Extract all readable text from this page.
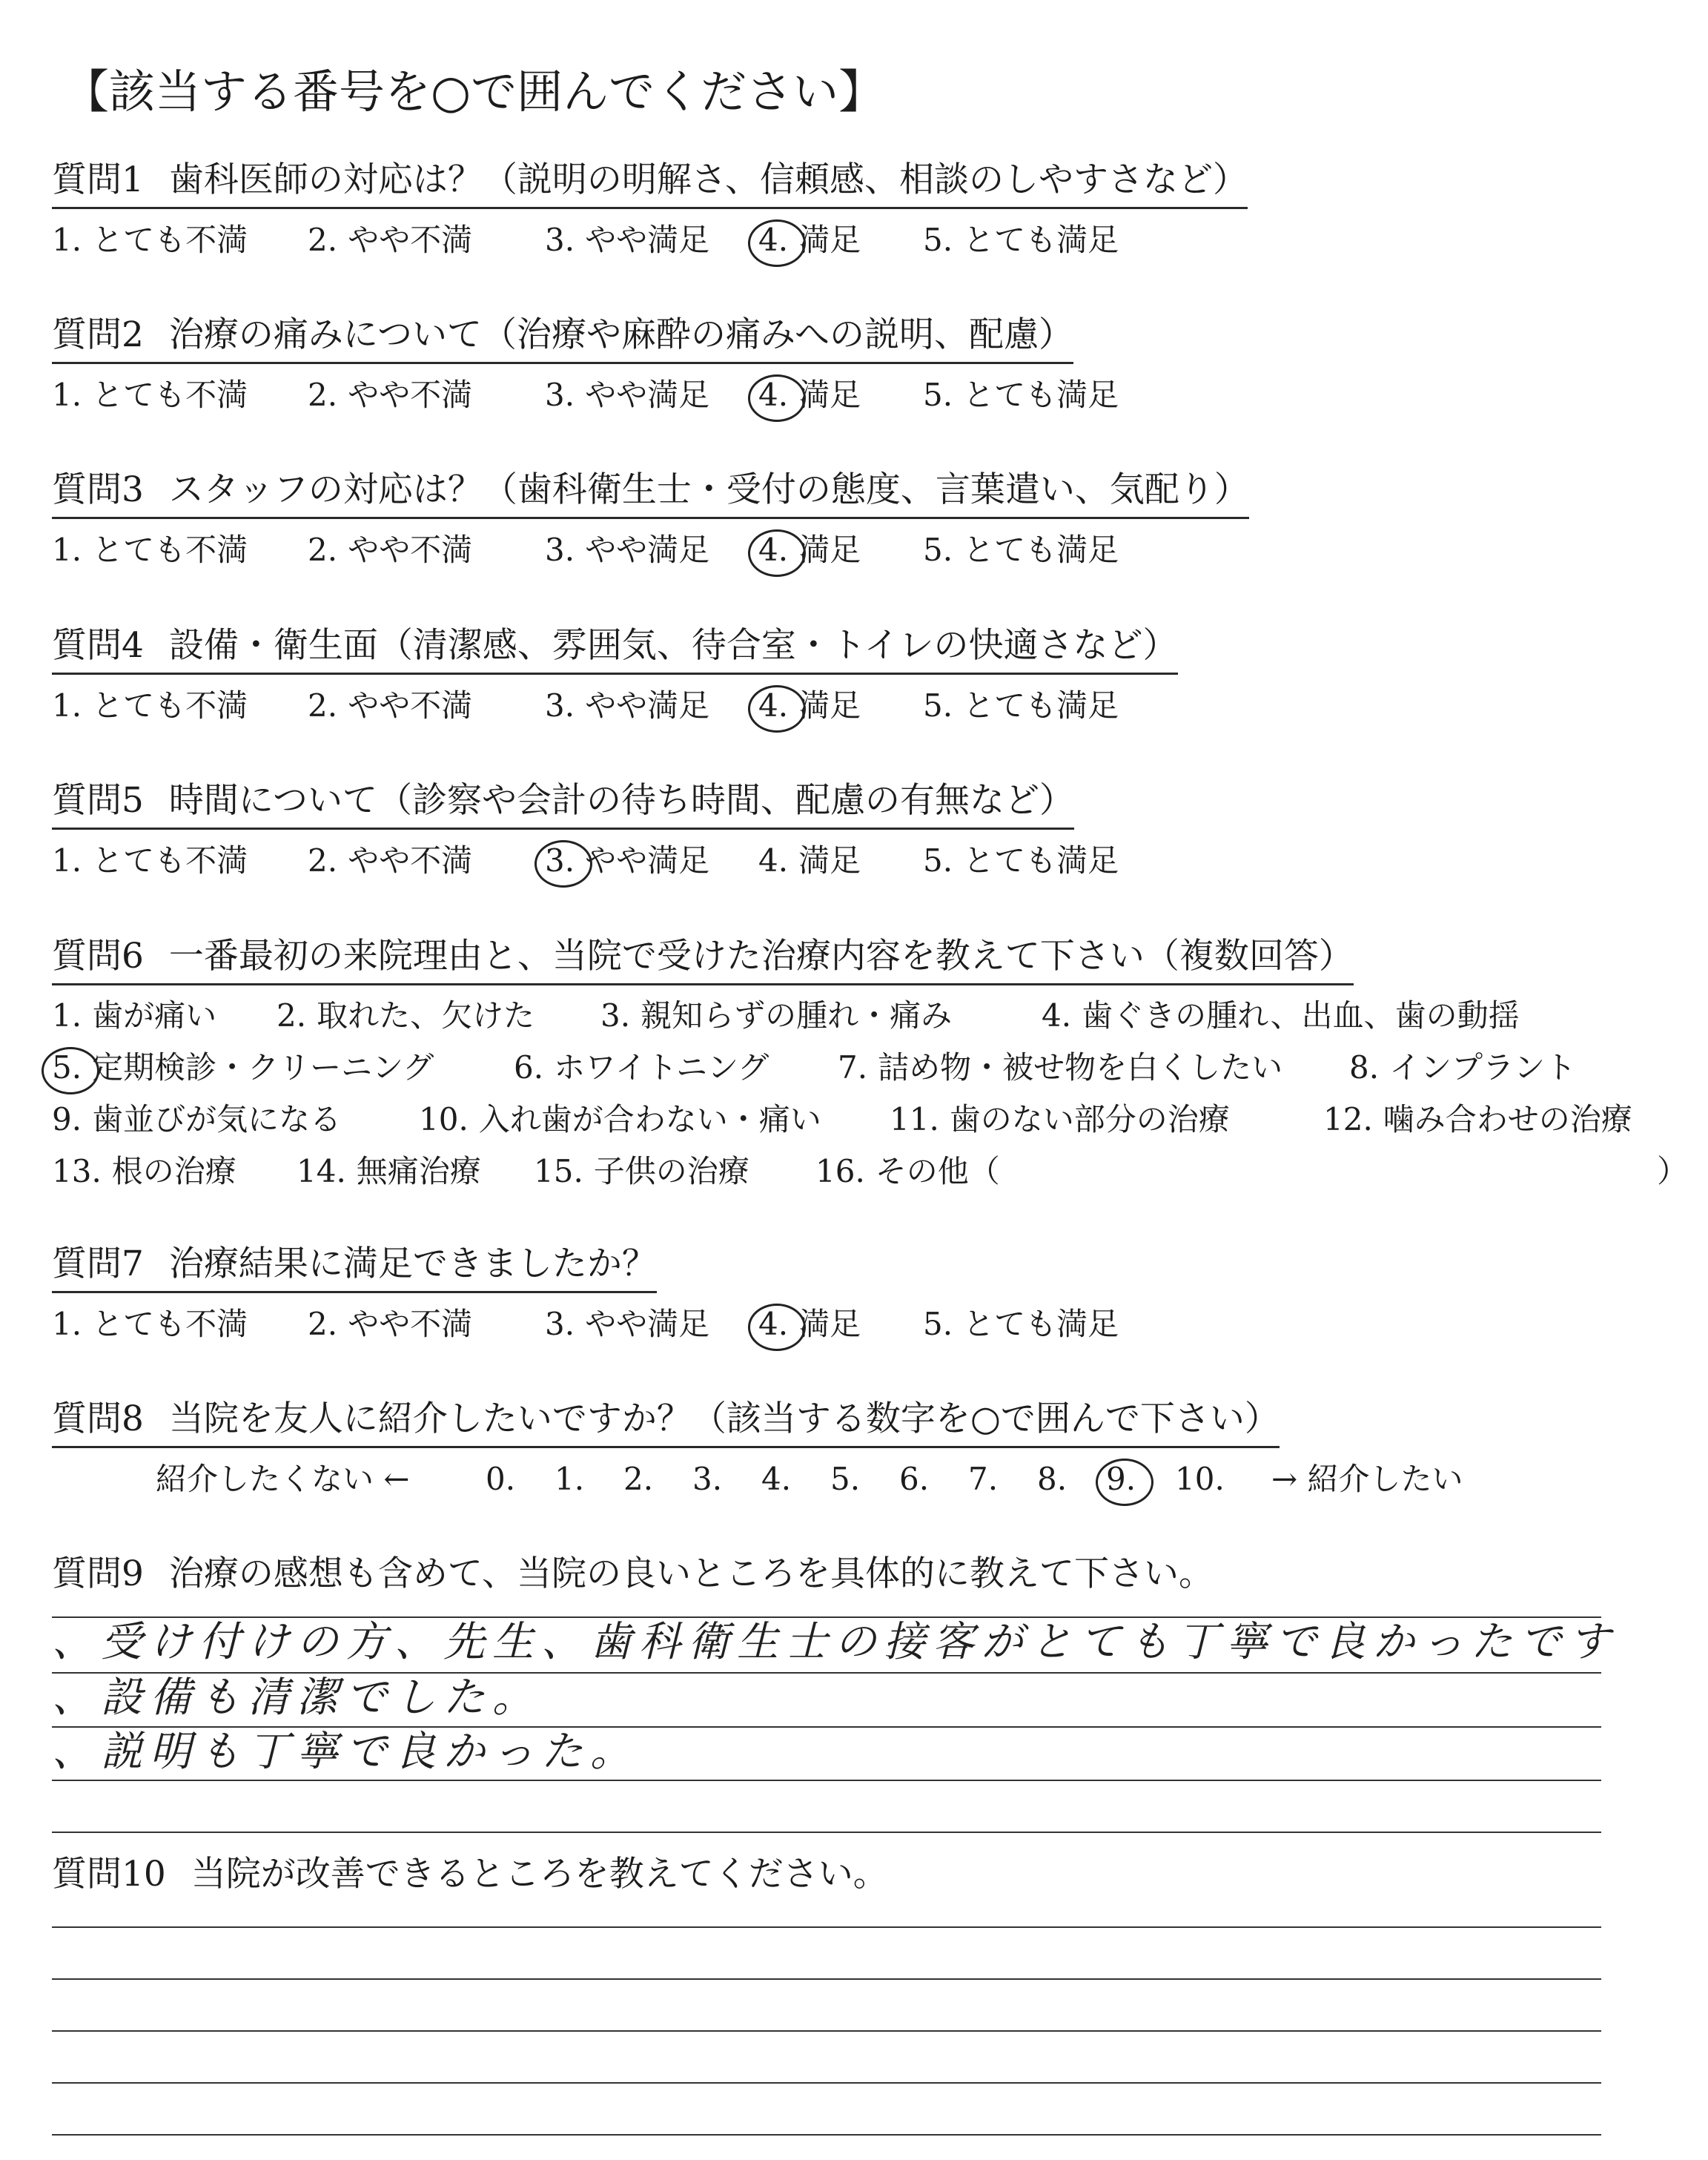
【該当する番号を○で囲んでください】
質問1 歯科医師の対応は？（説明の明解さ、信頼感、相談のしやすさなど）
1. とても不満 2. やや不満 3. やや満足 4. 満足 5. とても満足
質問2 治療の痛みについて（治療や麻酔の痛みへの説明、配慮）
1. とても不満 2. やや不満 3. やや満足 4. 満足 5. とても満足
質問3 スタッフの対応は？（歯科衛生士・受付の態度、言葉遣い、気配り）
1. とても不満 2. やや不満 3. やや満足 4. 満足 5. とても満足
質問4 設備・衛生面（清潔感、雰囲気、待合室・トイレの快適さなど）
1. とても不満 2. やや不満 3. やや満足 4. 満足 5. とても満足
質問5 時間について（診察や会計の待ち時間、配慮の有無など）
1. とても不満 2. やや不満 3. やや満足 4. 満足 5. とても満足
質問6 一番最初の来院理由と、当院で受けた治療内容を教えて下さい（複数回答）
4. 歯ぐきの腫れ、出血、歯の動揺
3. 親知らずの腫れ・痛み
2. 取れた、欠けた
1. 歯が痛い
8. インプラント
7. 詰め物・被せ物を白くしたい
6. ホワイトニング
5. 定期検診・クリーニング
12. 噛み合わせの治療
11. 歯のない部分の治療
10. 入れ歯が合わない・痛い
9. 歯並びが気になる
16. その他（
15. 子供の治療
14. 無痛治療
13. 根の治療	）
質問7 治療結果に満足できましたか？
1. とても不満 2. やや不満 3. やや満足 4. 満足 5. とても満足
質問8 当院を友人に紹介したいですか？（該当する数字を○で囲んで下さい）
紹介したくない ←	→ 紹介したい
0. 1. 2. 3. 4. 5. 6. 7. 8. 9. 10.
質問9 治療の感想も含めて、当院の良いところを具体的に教えて下さい。
、受け付けの方、先生、歯科衛生士の接客がとても丁寧で良かったです
、設備も清潔でした。
、説明も丁寧で良かった。
質問10 当院が改善できるところを教えてください。
